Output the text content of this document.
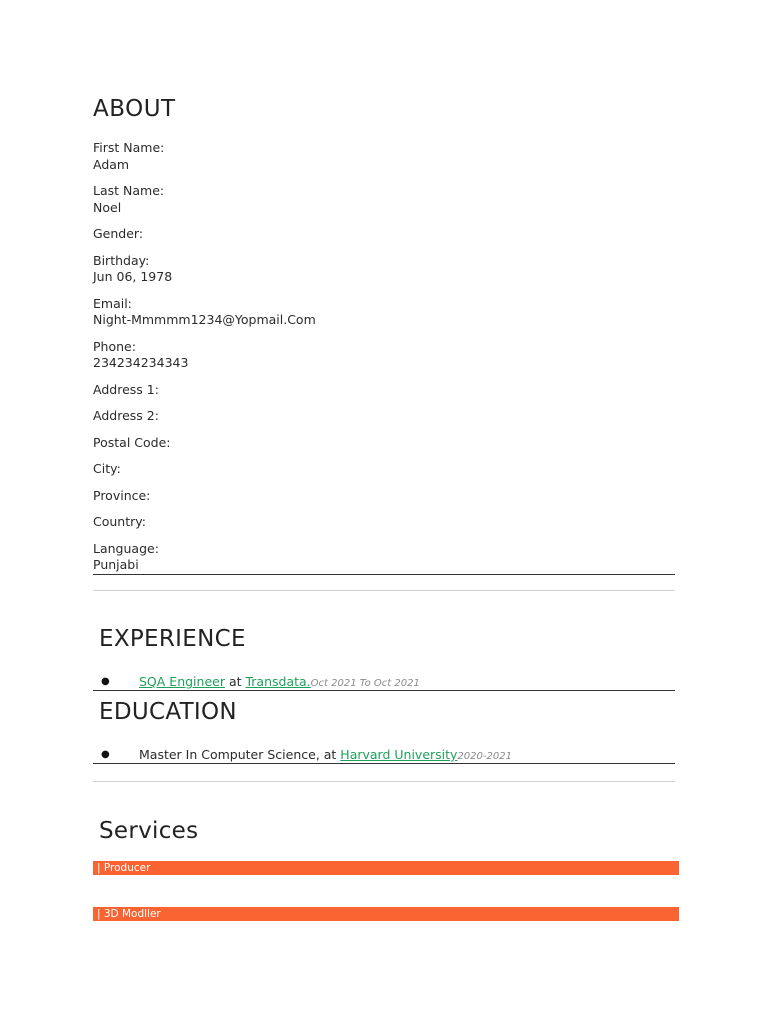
ABOUT
First Name:
Adam
Last Name:
Noel
Gender:
Birthday:
Jun 06, 1978
Email:
Night-Mmmmm1234@Yopmail.Com
Phone:
234234234343
Address 1:
Address 2:
Postal Code:
City:
Province:
Country:
Language:
Punjabi
EXPERIENCE
● SQA Engineer at Transdata.Oct 2021 To Oct 2021
EDUCATION
● Master In Computer Science, at Harvard University2020-2021
Services
| Producer
| 3D Modller
